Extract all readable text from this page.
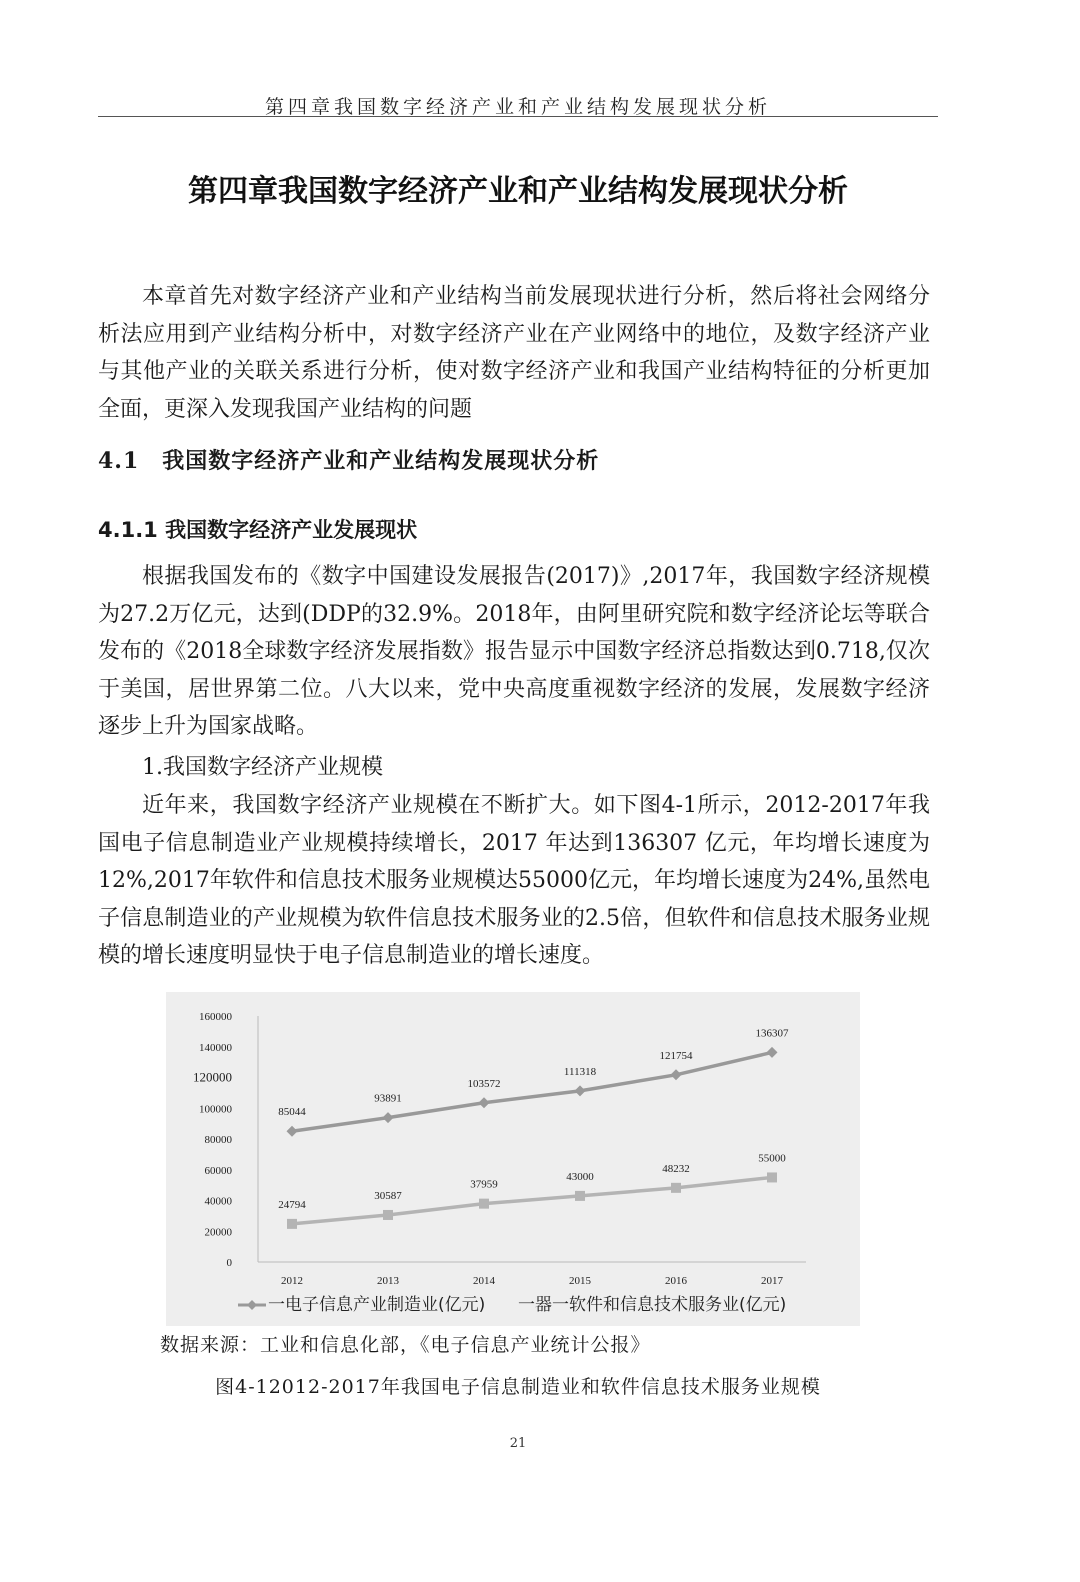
第四章我国数字经济产业和产业结构发展现状分析
第四章我国数字经济产业和产业结构发展现状分析

本章首先对数字经济产业和产业结构当前发展现状进行分析，然后将社会网络分析法应用到产业结构分析中，对数字经济产业在产业网络中的地位，及数字经济产业与其他产业的关联关系进行分析，使对数字经济产业和我国产业结构特征的分析更加全面，更深入发现我国产业结构的问题

4.1　我国数字经济产业和产业结构发展现状分析
4.1.1 我国数字经济产业发展现状

根据我国发布的《数字中国建设发展报告(2017)》,2017年，我国数字经济规模为27.2万亿元，达到(DDP的32.9%。2018年，由阿里研究院和数字经济论坛等联合发布的《2018全球数字经济发展指数》报告显示中国数字经济总指数达到0.718,仅次于美国，居世界第二位。八大以来，党中央高度重视数字经济的发展，发展数字经济逐步上升为国家战略。

1.我国数字经济产业规模

近年来，我国数字经济产业规模在不断扩大。如下图4-1所示，2012-2017年我国电子信息制造业产业规模持续增长，2017 年达到136307 亿元，年均增长速度为12%,2017年软件和信息技术服务业规模达55000亿元，年均增长速度为24%,虽然电子信息制造业的产业规模为软件信息技术服务业的2.5倍，但软件和信息技术服务业规模的增长速度明显快于电子信息制造业的增长速度。

0
20000
40000
60000
80000
100000
120000
140000
160000
2012	2013	2014	2015	2016	2017
85044
93891
103572
111318
121754
136307
24794
30587
37959
43000
48232
55000
一电子信息产业制造业(亿元) 一器一软件和信息技术服务业(亿元)
数据来源：工业和信息化部，《电子信息产业统计公报》
图4-12012-2017年我国电子信息制造业和软件信息技术服务业规模
21
